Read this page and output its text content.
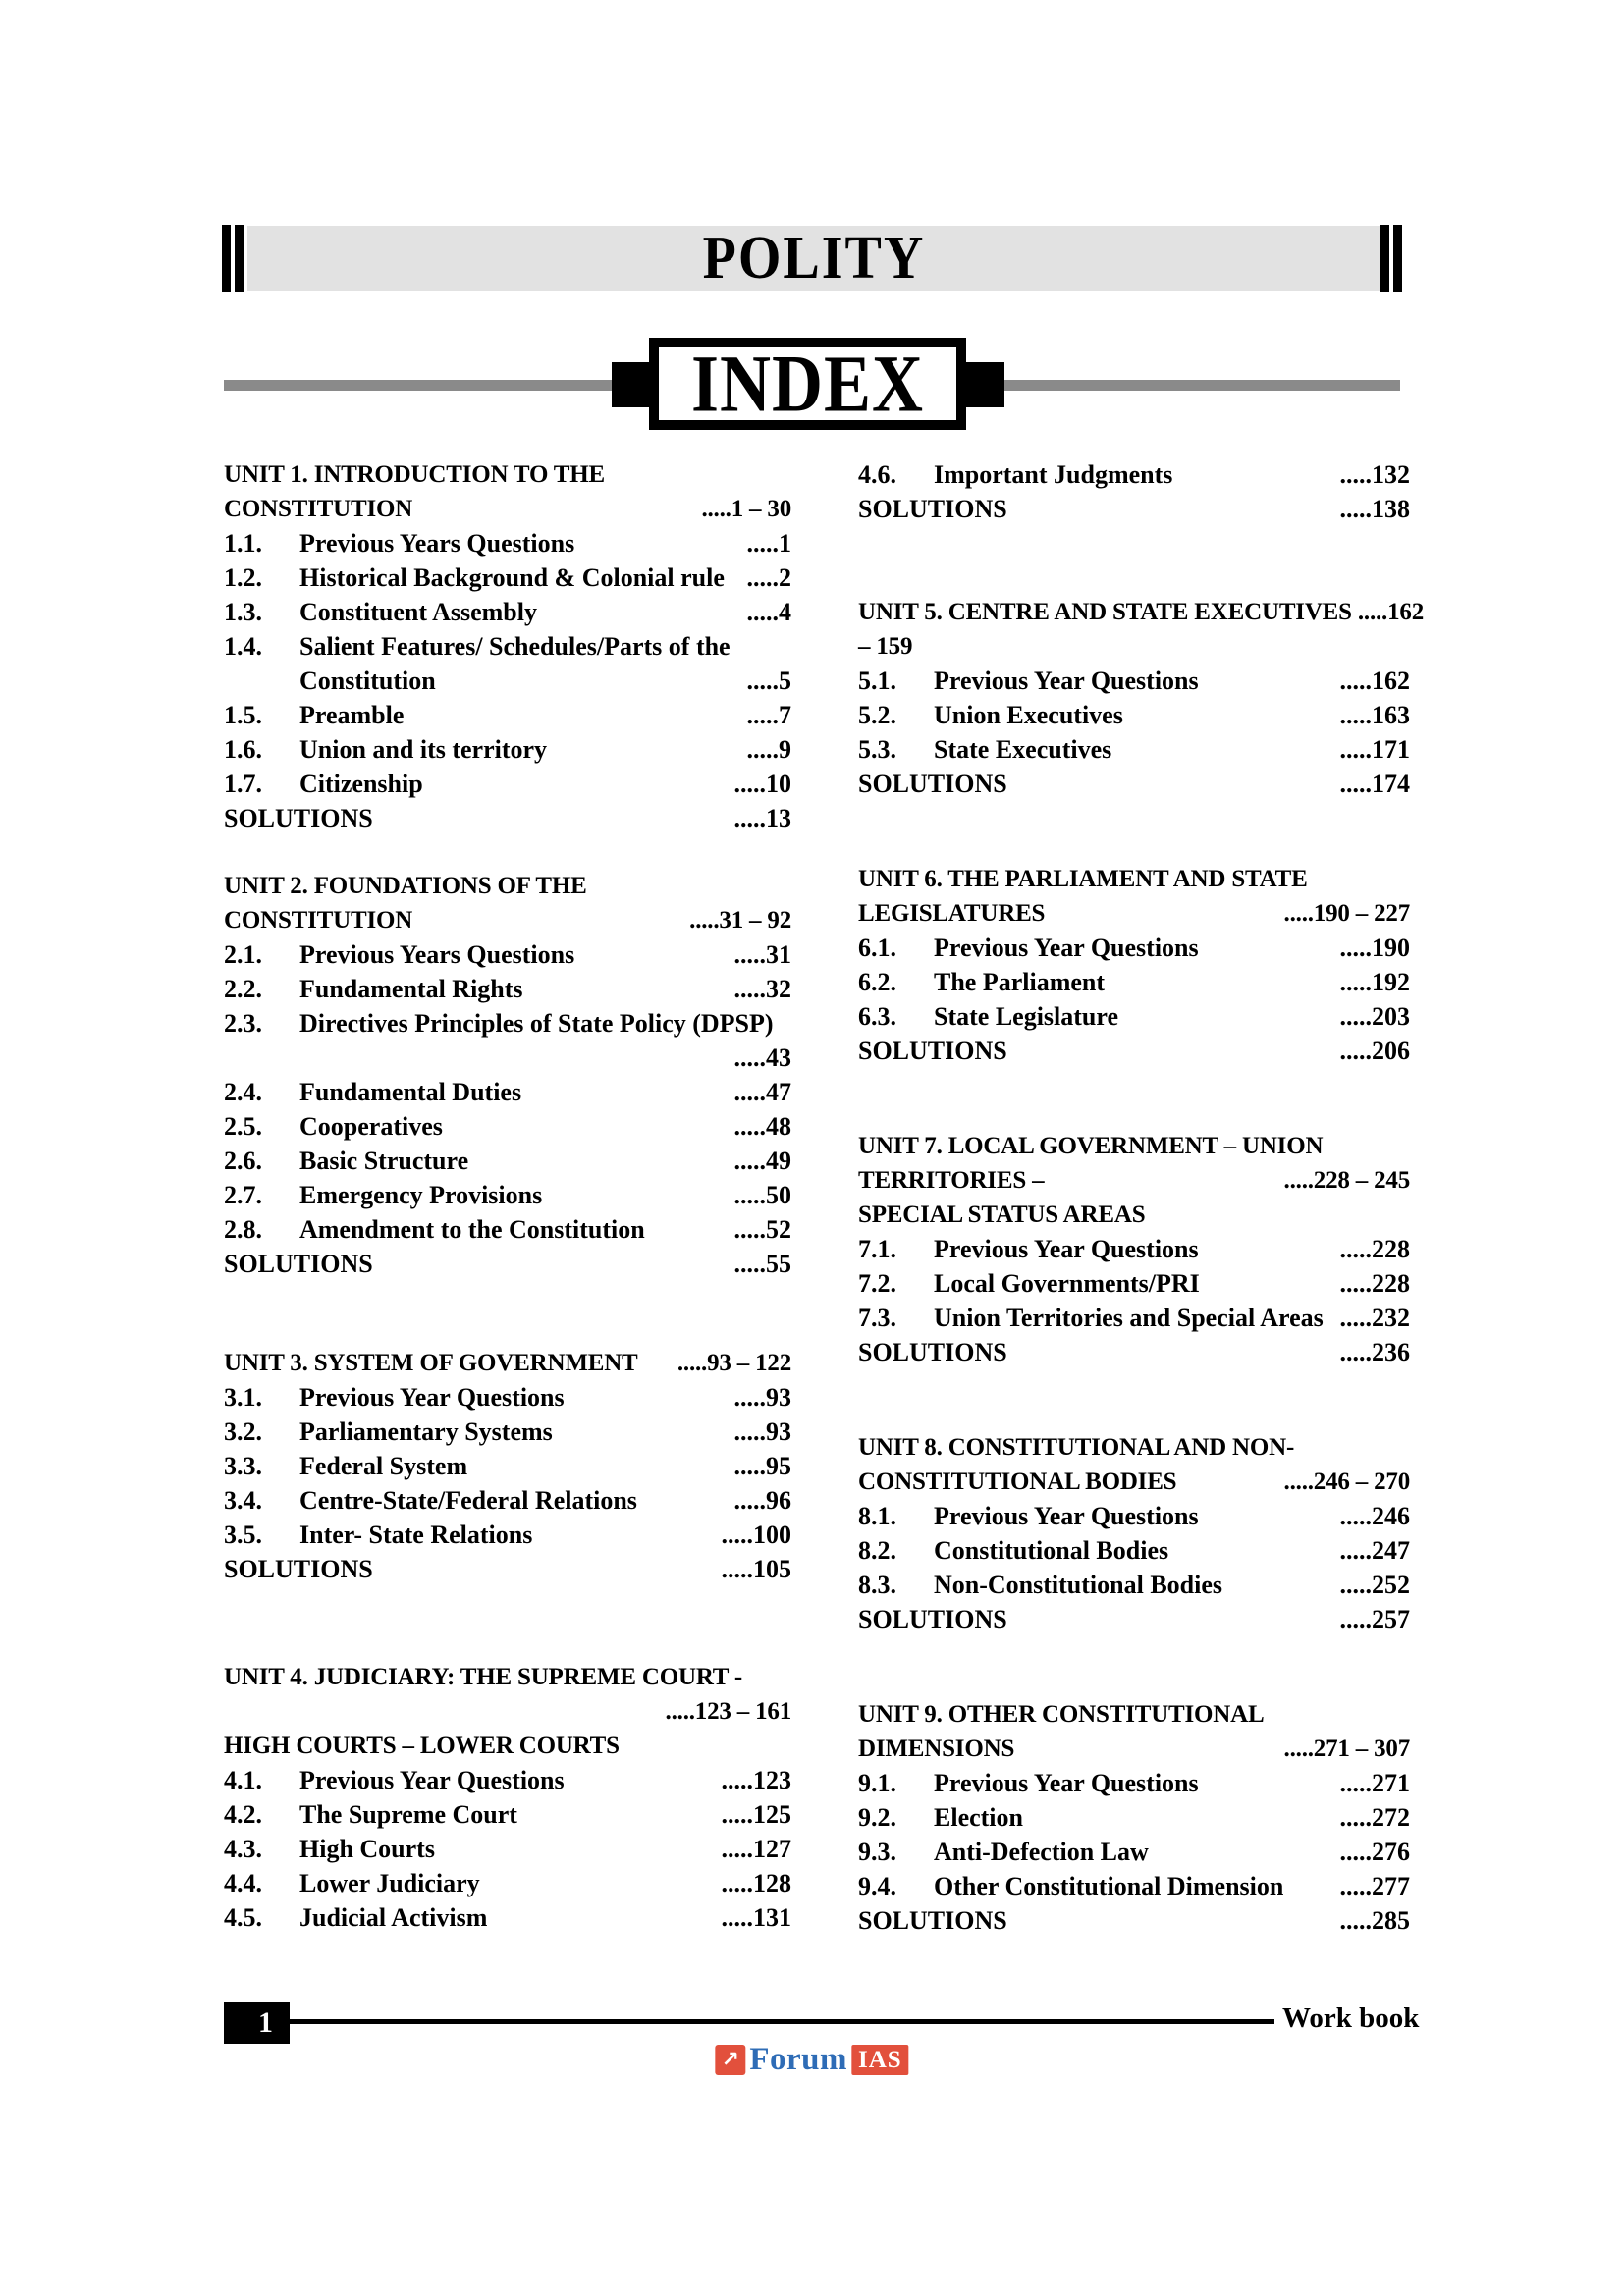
POLITY
INDEX
UNIT 1. INTRODUCTION TO THE
CONSTITUTION	.....1 – 30
1.1.	Previous Years Questions	.....1
1.2.	Historical Background & Colonial rule .....2
1.3.	Constituent Assembly	.....4
1.4.	Salient Features/ Schedules/Parts of the
Constitution	.....5
1.5.	Preamble	.....7
1.6.	Union and its territory	.....9
1.7.	Citizenship	.....10
SOLUTIONS	.....13
UNIT 2. FOUNDATIONS OF THE
CONSTITUTION	.....31 – 92
2.1.	Previous Years Questions	.....31
2.2.	Fundamental Rights	.....32
2.3.	Directives Principles of State Policy (DPSP)
.....43
2.4.	Fundamental Duties	.....47
2.5.	Cooperatives	.....48
2.6.	Basic Structure	.....49
2.7.	Emergency Provisions	.....50
2.8.	Amendment to the Constitution	.....52
SOLUTIONS	.....55
UNIT 3. SYSTEM OF GOVERNMENT .....93 – 122
3.1.	Previous Year Questions	.....93
3.2.	Parliamentary Systems	.....93
3.3.	Federal System	.....95
3.4.	Centre-State/Federal Relations	.....96
3.5.	Inter- State Relations	.....100
SOLUTIONS	.....105
UNIT 4. JUDICIARY: THE SUPREME COURT -
.....123 – 161
HIGH COURTS – LOWER COURTS
4.1.	Previous Year Questions	.....123
4.2.	The Supreme Court	.....125
4.3.	High Courts	.....127
4.4.	Lower Judiciary	.....128
4.5.	Judicial Activism	.....131
4.6.	Important Judgments	.....132
SOLUTIONS	.....138
UNIT 5. CENTRE AND STATE EXECUTIVES .....162
– 159
5.1.	Previous Year Questions	.....162
5.2.	Union Executives	.....163
5.3.	State Executives	.....171
SOLUTIONS	.....174
UNIT 6. THE PARLIAMENT AND STATE
LEGISLATURES	.....190 – 227
6.1.	Previous Year Questions	.....190
6.2.	The Parliament	.....192
6.3.	State Legislature	.....203
SOLUTIONS	.....206
UNIT 7. LOCAL GOVERNMENT – UNION
TERRITORIES –	.....228 – 245
SPECIAL STATUS AREAS
7.1.	Previous Year Questions	.....228
7.2.	Local Governments/PRI	.....228
7.3.	Union Territories and Special Areas .....232
SOLUTIONS	.....236
UNIT 8. CONSTITUTIONAL AND NON-
CONSTITUTIONAL BODIES	.....246 – 270
8.1.	Previous Year Questions	.....246
8.2.	Constitutional Bodies	.....247
8.3.	Non-Constitutional Bodies	.....252
SOLUTIONS	.....257
UNIT 9. OTHER CONSTITUTIONAL
DIMENSIONS	.....271 – 307
9.1.	Previous Year Questions	.....271
9.2.	Election	.....272
9.3.	Anti-Defection Law	.....276
9.4.	Other Constitutional Dimension	.....277
SOLUTIONS	.....285
1	Work book
↗ Forum IAS
